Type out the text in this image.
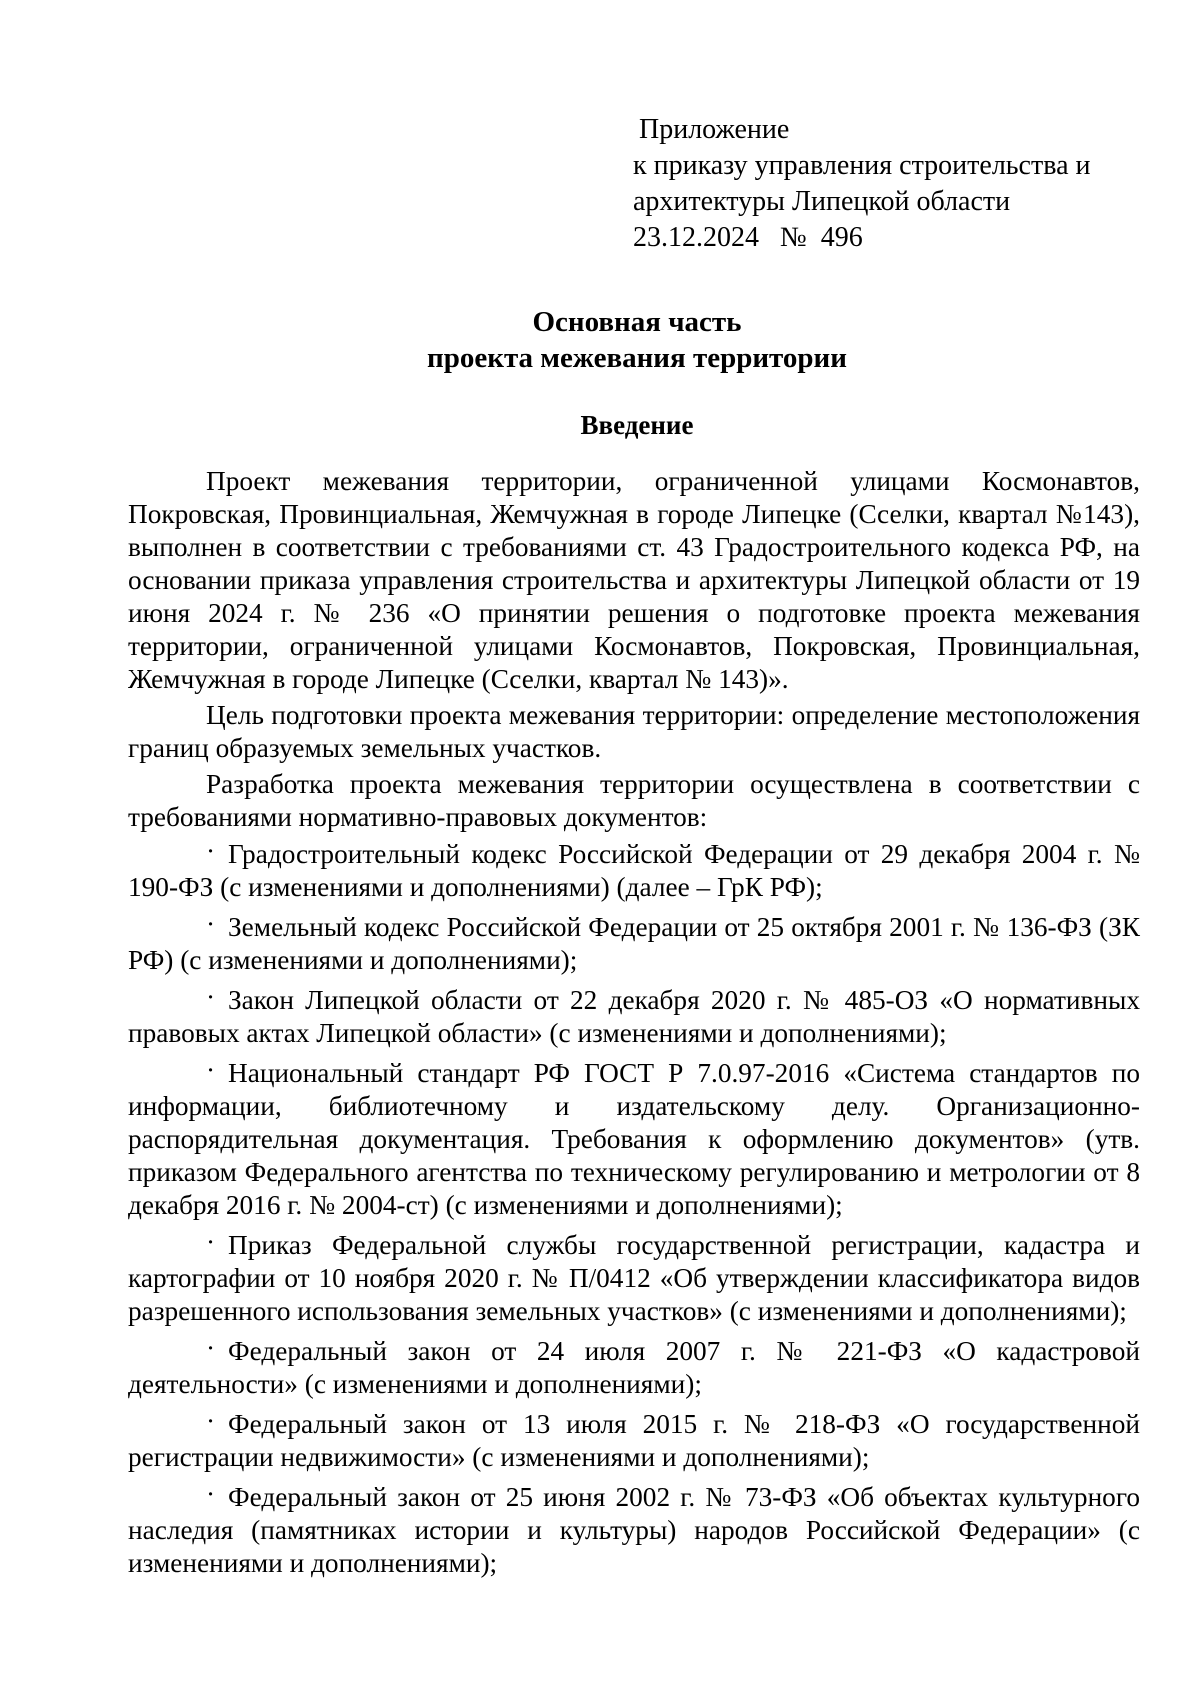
Приложение
к приказу управления строительства и
архитектуры Липецкой области
23.12.2024   №  496
Основная часть
проекта межевания территории
Введение

Проект межевания территории, ограниченной улицами Космонавтов, Покровская, Провинциальная, Жемчужная в городе Липецке (Сселки, квартал №143), выполнен в соответствии с требованиями ст. 43 Градостроительного кодекса РФ, на основании приказа управления строительства и архитектуры Липецкой области от 19 июня 2024 г. № 236 «О принятии решения о подготовке проекта межевания территории, ограниченной улицами Космонавтов, Покровская, Провинциальная, Жемчужная в городе Липецке (Сселки, квартал № 143)».

Цель подготовки проекта межевания территории: определение местоположения границ образуемых земельных участков.

Разработка проекта межевания территории осуществлена в соответствии с требованиями нормативно-правовых документов:

· Градостроительный кодекс Российской Федерации от 29 декабря 2004 г. № 190-ФЗ (с изменениями и дополнениями) (далее – ГрК РФ);
· Земельный кодекс Российской Федерации от 25 октября 2001 г. № 136-ФЗ (ЗК РФ) (с изменениями и дополнениями);
· Закон Липецкой области от 22 декабря 2020 г. № 485-ОЗ «О нормативных правовых актах Липецкой области» (с изменениями и дополнениями);
· Национальный стандарт РФ ГОСТ Р 7.0.97-2016 «Система стандартов по информации, библиотечному и издательскому делу. Организационно-распорядительная документация. Требования к оформлению документов» (утв. приказом Федерального агентства по техническому регулированию и метрологии от 8 декабря 2016 г. № 2004-ст) (с изменениями и дополнениями);
· Приказ Федеральной службы государственной регистрации, кадастра и картографии от 10 ноября 2020 г. № П/0412 «Об утверждении классификатора видов разрешенного использования земельных участков» (с изменениями и дополнениями);
· Федеральный закон от 24 июля 2007 г. № 221-ФЗ «О кадастровой деятельности» (с изменениями и дополнениями);
· Федеральный закон от 13 июля 2015 г. № 218-ФЗ «О государственной регистрации недвижимости» (с изменениями и дополнениями);
· Федеральный закон от 25 июня 2002 г. № 73-ФЗ «Об объектах культурного наследия (памятниках истории и культуры) народов Российской Федерации» (с изменениями и дополнениями);
